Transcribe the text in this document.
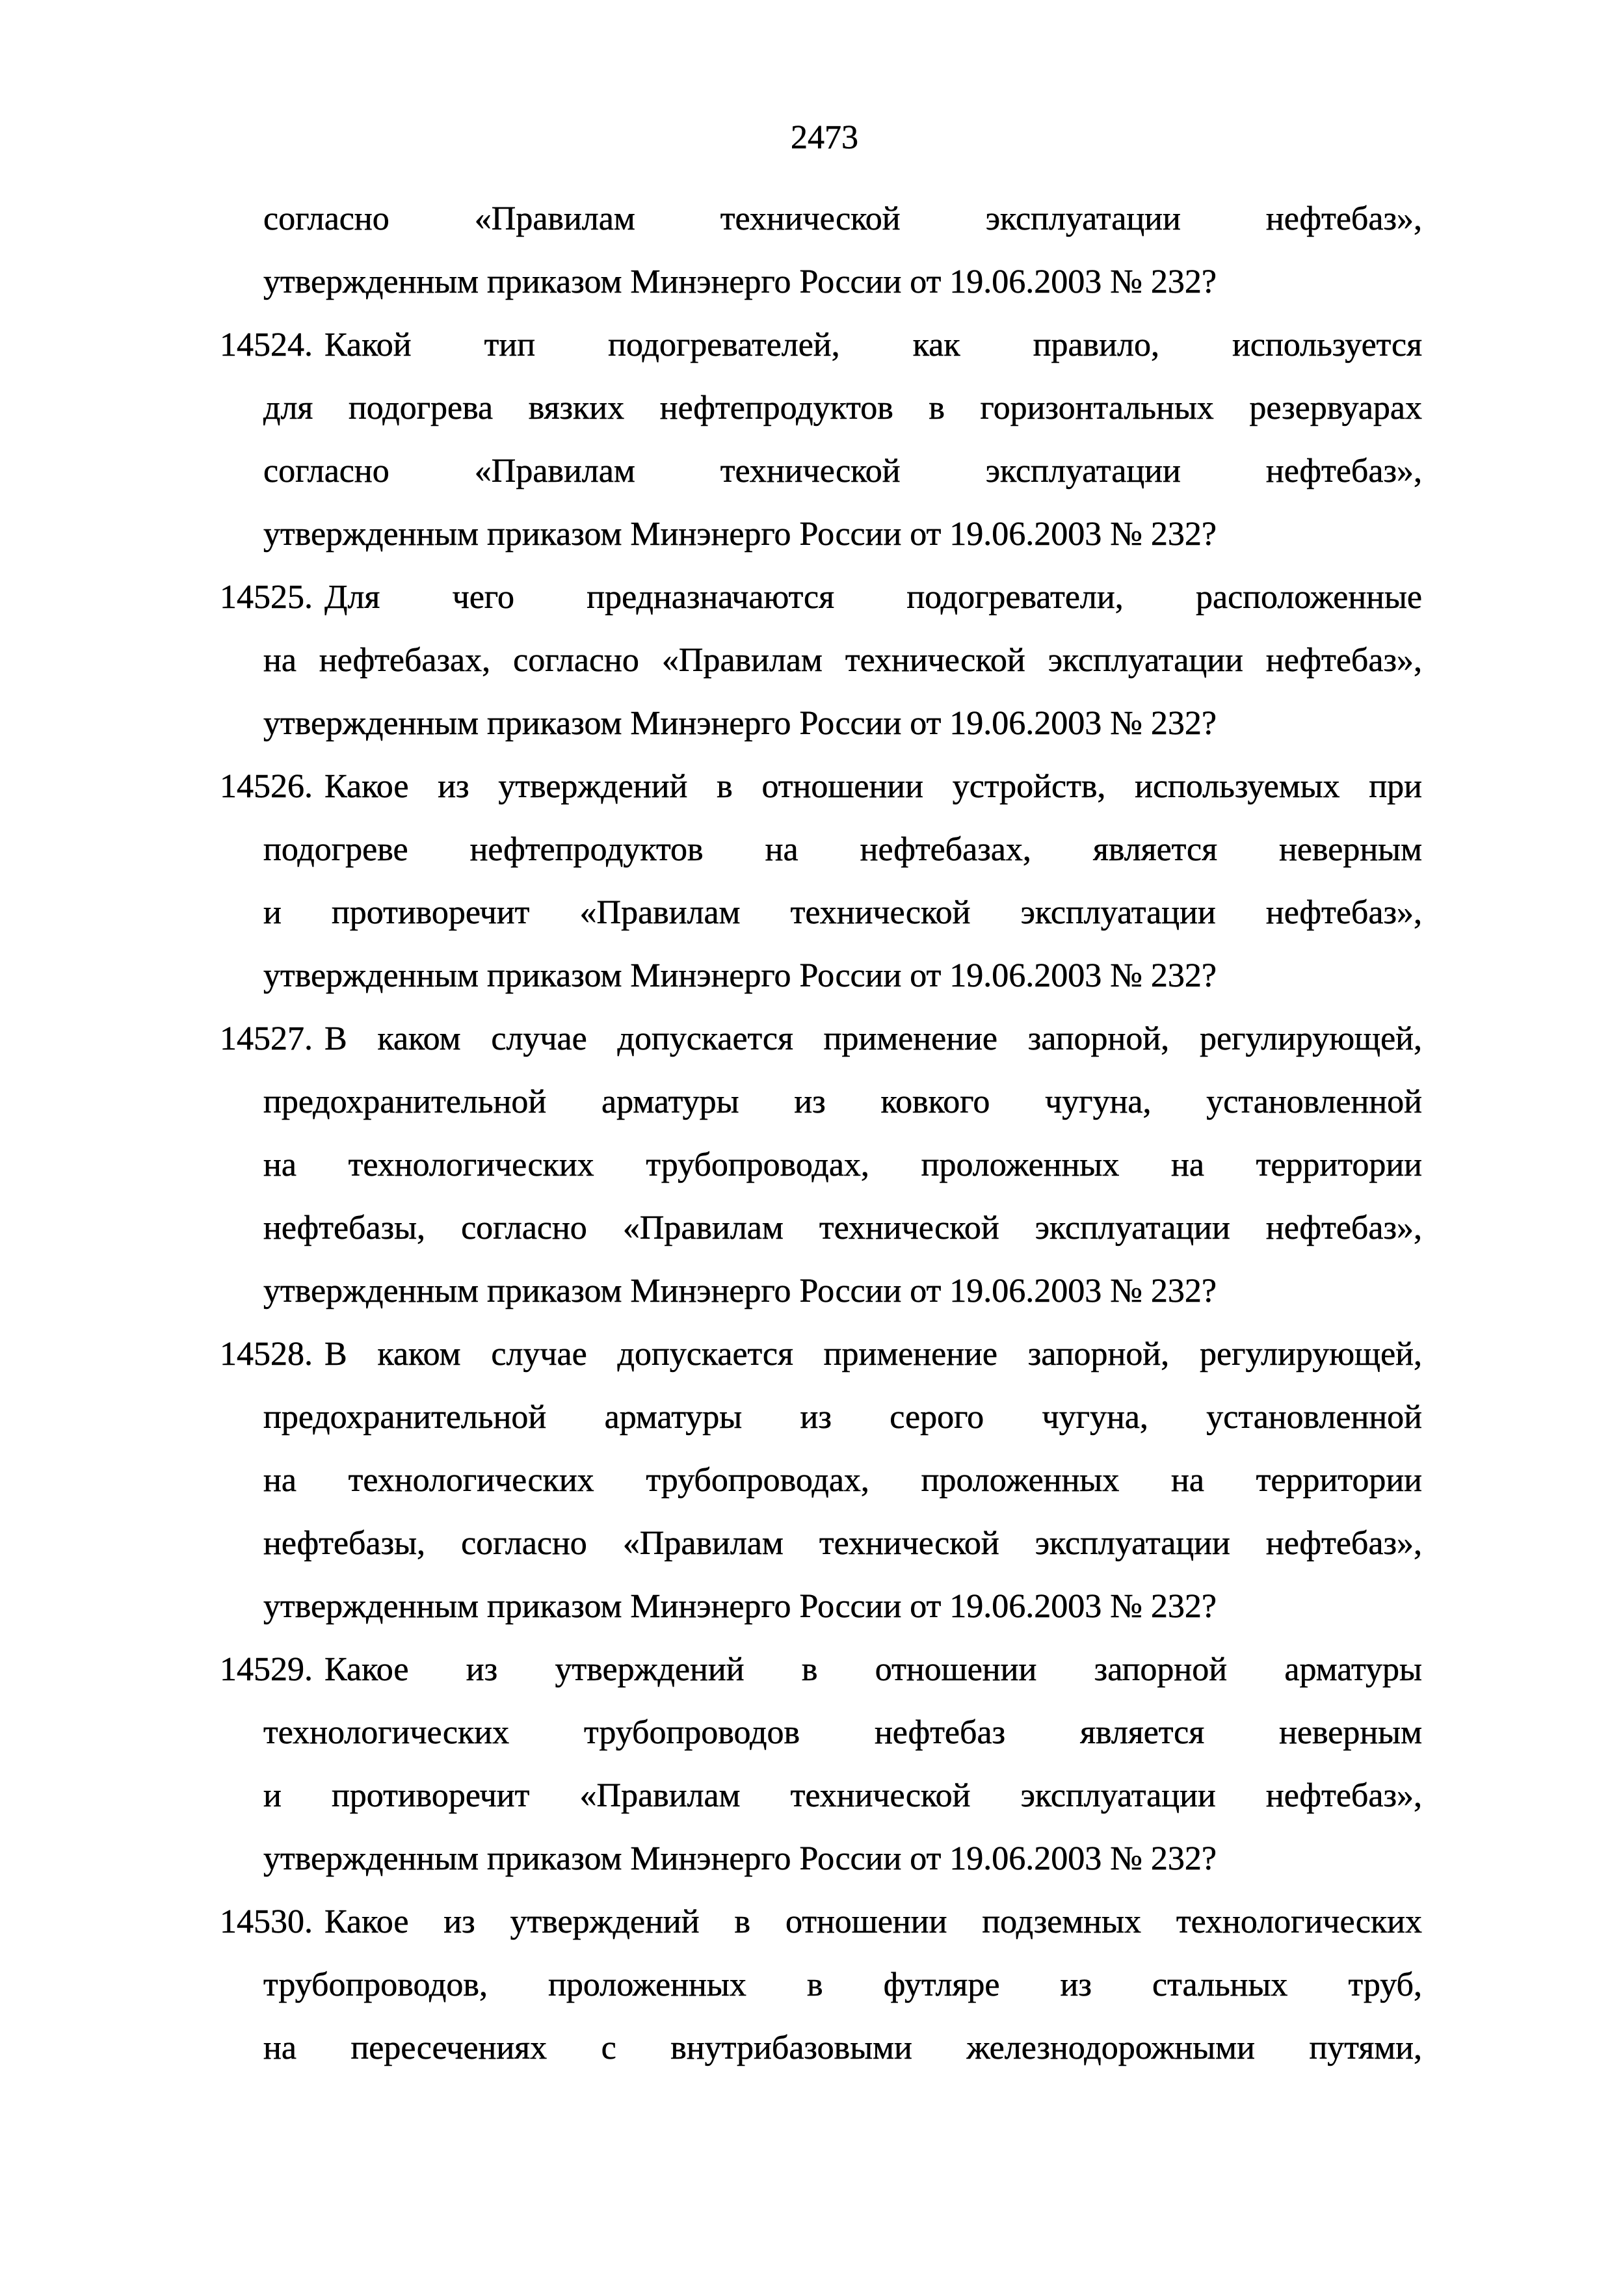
2473
согласно «Правилам технической эксплуатации нефтебаз»,
утвержденным приказом Минэнерго России от 19.06.2003 № 232?
14524. Какой тип подогревателей, как правило, используется
для подогрева вязких нефтепродуктов в горизонтальных резервуарах
согласно «Правилам технической эксплуатации нефтебаз»,
утвержденным приказом Минэнерго России от 19.06.2003 № 232?
14525. Для чего предназначаются подогреватели, расположенные
на нефтебазах, согласно «Правилам технической эксплуатации нефтебаз»,
утвержденным приказом Минэнерго России от 19.06.2003 № 232?
14526. Какое из утверждений в отношении устройств, используемых при
подогреве нефтепродуктов на нефтебазах, является неверным
и противоречит «Правилам технической эксплуатации нефтебаз»,
утвержденным приказом Минэнерго России от 19.06.2003 № 232?
14527. В каком случае допускается применение запорной, регулирующей,
предохранительной арматуры из ковкого чугуна, установленной
на технологических трубопроводах, проложенных на территории
нефтебазы, согласно «Правилам технической эксплуатации нефтебаз»,
утвержденным приказом Минэнерго России от 19.06.2003 № 232?
14528. В каком случае допускается применение запорной, регулирующей,
предохранительной арматуры из серого чугуна, установленной
на технологических трубопроводах, проложенных на территории
нефтебазы, согласно «Правилам технической эксплуатации нефтебаз»,
утвержденным приказом Минэнерго России от 19.06.2003 № 232?
14529. Какое из утверждений в отношении запорной арматуры
технологических трубопроводов нефтебаз является неверным
и противоречит «Правилам технической эксплуатации нефтебаз»,
утвержденным приказом Минэнерго России от 19.06.2003 № 232?
14530. Какое из утверждений в отношении подземных технологических
трубопроводов, проложенных в футляре из стальных труб,
на пересечениях с внутрибазовыми железнодорожными путями,
